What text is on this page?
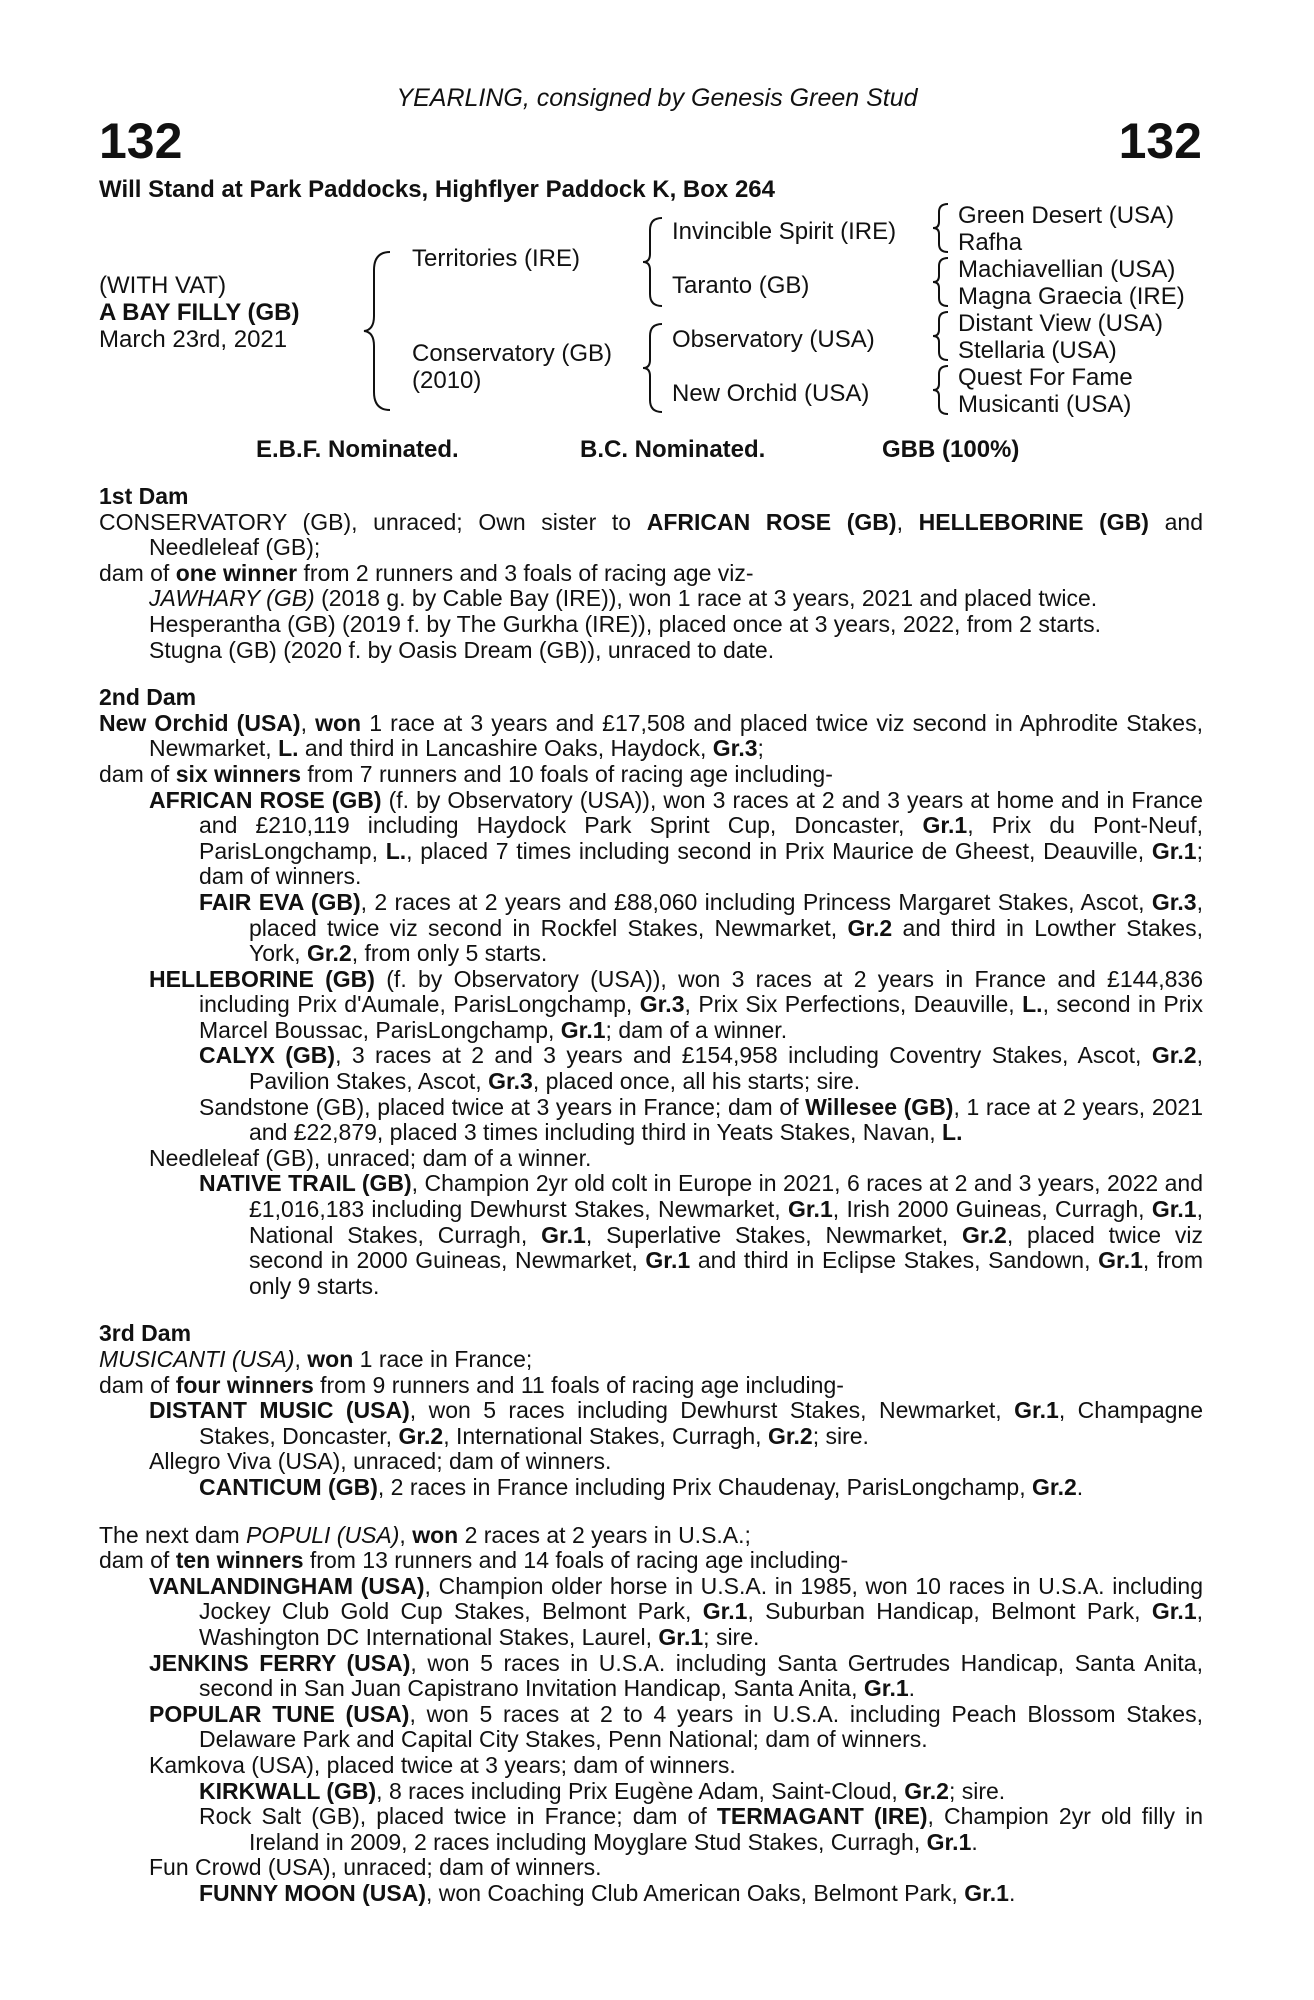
YEARLING, consigned by Genesis Green Stud
132	132
Will Stand at Park Paddocks, Highflyer Paddock K, Box 264
(WITH VAT)
A BAY FILLY (GB)
March 23rd, 2021
Territories (IRE)
Conservatory (GB)
(2010)
Invincible Spirit (IRE)
Taranto (GB)
Observatory (USA)
New Orchid (USA)
Green Desert (USA)
Rafha
Machiavellian (USA)
Magna Graecia (IRE)
Distant View (USA)
Stellaria (USA)
Quest For Fame
Musicanti (USA)
E.B.F. Nominated.	B.C. Nominated.	GBB (100%)

1st Dam

CONSERVATORY (GB), unraced; Own sister to AFRICAN ROSE (GB), HELLEBORINE (GB) and Needleleaf (GB);

dam of one winner from 2 runners and 3 foals of racing age viz-

JAWHARY (GB) (2018 g. by Cable Bay (IRE)), won 1 race at 3 years, 2021 and placed twice.

Hesperantha (GB) (2019 f. by The Gurkha (IRE)), placed once at 3 years, 2022, from 2 starts.

Stugna (GB) (2020 f. by Oasis Dream (GB)), unraced to date.

2nd Dam

New Orchid (USA), won 1 race at 3 years and £17,508 and placed twice viz second in Aphrodite Stakes, Newmarket, L. and third in Lancashire Oaks, Haydock, Gr.3;

dam of six winners from 7 runners and 10 foals of racing age including-

AFRICAN ROSE (GB) (f. by Observatory (USA)), won 3 races at 2 and 3 years at home and in France and £210,119 including Haydock Park Sprint Cup, Doncaster, Gr.1, Prix du Pont-Neuf, ParisLongchamp, L., placed 7 times including second in Prix Maurice de Gheest, Deauville, Gr.1; dam of winners.

FAIR EVA (GB), 2 races at 2 years and £88,060 including Princess Margaret Stakes, Ascot, Gr.3, placed twice viz second in Rockfel Stakes, Newmarket, Gr.2 and third in Lowther Stakes, York, Gr.2, from only 5 starts.

HELLEBORINE (GB) (f. by Observatory (USA)), won 3 races at 2 years in France and £144,836 including Prix d'Aumale, ParisLongchamp, Gr.3, Prix Six Perfections, Deauville, L., second in Prix Marcel Boussac, ParisLongchamp, Gr.1; dam of a winner.

CALYX (GB), 3 races at 2 and 3 years and £154,958 including Coventry Stakes, Ascot, Gr.2, Pavilion Stakes, Ascot, Gr.3, placed once, all his starts; sire.

Sandstone (GB), placed twice at 3 years in France; dam of Willesee (GB), 1 race at 2 years, 2021 and £22,879, placed 3 times including third in Yeats Stakes, Navan, L.

Needleleaf (GB), unraced; dam of a winner.

NATIVE TRAIL (GB), Champion 2yr old colt in Europe in 2021, 6 races at 2 and 3 years, 2022 and £1,016,183 including Dewhurst Stakes, Newmarket, Gr.1, Irish 2000 Guineas, Curragh, Gr.1, National Stakes, Curragh, Gr.1, Superlative Stakes, Newmarket, Gr.2, placed twice viz second in 2000 Guineas, Newmarket, Gr.1 and third in Eclipse Stakes, Sandown, Gr.1, from only 9 starts.

3rd Dam

MUSICANTI (USA), won 1 race in France;

dam of four winners from 9 runners and 11 foals of racing age including-

DISTANT MUSIC (USA), won 5 races including Dewhurst Stakes, Newmarket, Gr.1, Champagne Stakes, Doncaster, Gr.2, International Stakes, Curragh, Gr.2; sire.

Allegro Viva (USA), unraced; dam of winners.

CANTICUM (GB), 2 races in France including Prix Chaudenay, ParisLongchamp, Gr.2.

The next dam POPULI (USA), won 2 races at 2 years in U.S.A.;

dam of ten winners from 13 runners and 14 foals of racing age including-

VANLANDINGHAM (USA), Champion older horse in U.S.A. in 1985, won 10 races in U.S.A. including Jockey Club Gold Cup Stakes, Belmont Park, Gr.1, Suburban Handicap, Belmont Park, Gr.1, Washington DC International Stakes, Laurel, Gr.1; sire.

JENKINS FERRY (USA), won 5 races in U.S.A. including Santa Gertrudes Handicap, Santa Anita, second in San Juan Capistrano Invitation Handicap, Santa Anita, Gr.1.

POPULAR TUNE (USA), won 5 races at 2 to 4 years in U.S.A. including Peach Blossom Stakes, Delaware Park and Capital City Stakes, Penn National; dam of winners.

Kamkova (USA), placed twice at 3 years; dam of winners.

KIRKWALL (GB), 8 races including Prix Eugène Adam, Saint-Cloud, Gr.2; sire.

Rock Salt (GB), placed twice in France; dam of TERMAGANT (IRE), Champion 2yr old filly in Ireland in 2009, 2 races including Moyglare Stud Stakes, Curragh, Gr.1.

Fun Crowd (USA), unraced; dam of winners.

FUNNY MOON (USA), won Coaching Club American Oaks, Belmont Park, Gr.1.
